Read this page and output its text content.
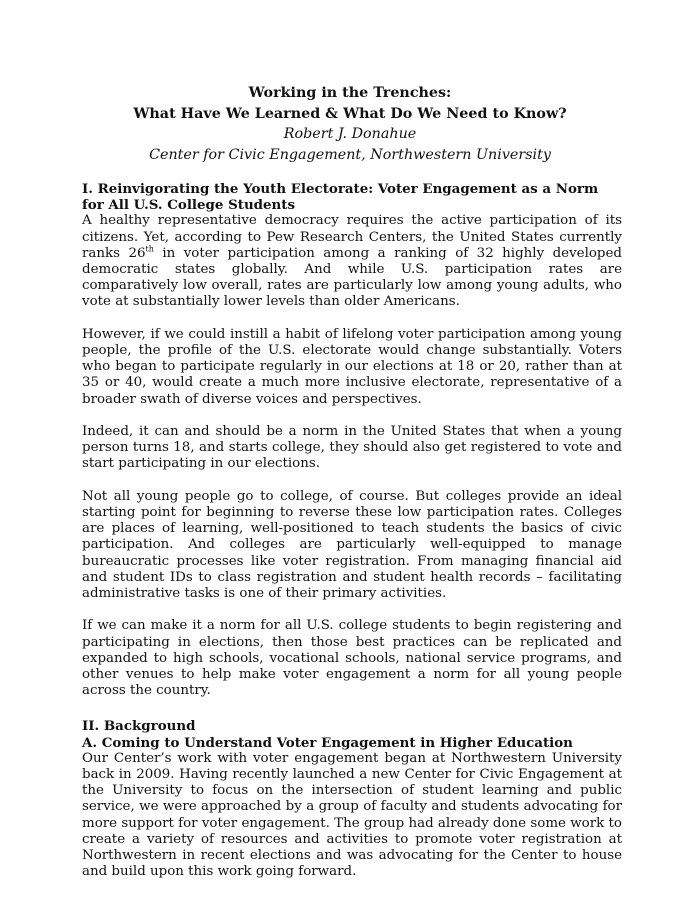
Working in the Trenches:
What Have We Learned & What Do We Need to Know?
Robert J. Donahue
Center for Civic Engagement, Northwestern University
I. Reinvigorating the Youth Electorate: Voter Engagement as a Norm for All U.S. College Students

A healthy representative democracy requires the active participation of its citizens. Yet, according to Pew Research Centers, the United States currently ranks 26th in voter participation among a ranking of 32 highly developed democratic states globally. And while U.S. participation rates are comparatively low overall, rates are particularly low among young adults, who vote at substantially lower levels than older Americans.

However, if we could instill a habit of lifelong voter participation among young people, the profile of the U.S. electorate would change substantially. Voters who began to participate regularly in our elections at 18 or 20, rather than at 35 or 40, would create a much more inclusive electorate, representative of a broader swath of diverse voices and perspectives.

Indeed, it can and should be a norm in the United States that when a young person turns 18, and starts college, they should also get registered to vote and start participating in our elections.

Not all young people go to college, of course. But colleges provide an ideal starting point for beginning to reverse these low participation rates. Colleges are places of learning, well-positioned to teach students the basics of civic participation. And colleges are particularly well-equipped to manage bureaucratic processes like voter registration. From managing financial aid and student IDs to class registration and student health records – facilitating administrative tasks is one of their primary activities.

If we can make it a norm for all U.S. college students to begin registering and participating in elections, then those best practices can be replicated and expanded to high schools, vocational schools, national service programs, and other venues to help make voter engagement a norm for all young people across the country.

II. Background
A. Coming to Understand Voter Engagement in Higher Education

Our Center’s work with voter engagement began at Northwestern University back in 2009. Having recently launched a new Center for Civic Engagement at the University to focus on the intersection of student learning and public service, we were approached by a group of faculty and students advocating for more support for voter engagement. The group had already done some work to create a variety of resources and activities to promote voter registration at Northwestern in recent elections and was advocating for the Center to house and build upon this work going forward.
